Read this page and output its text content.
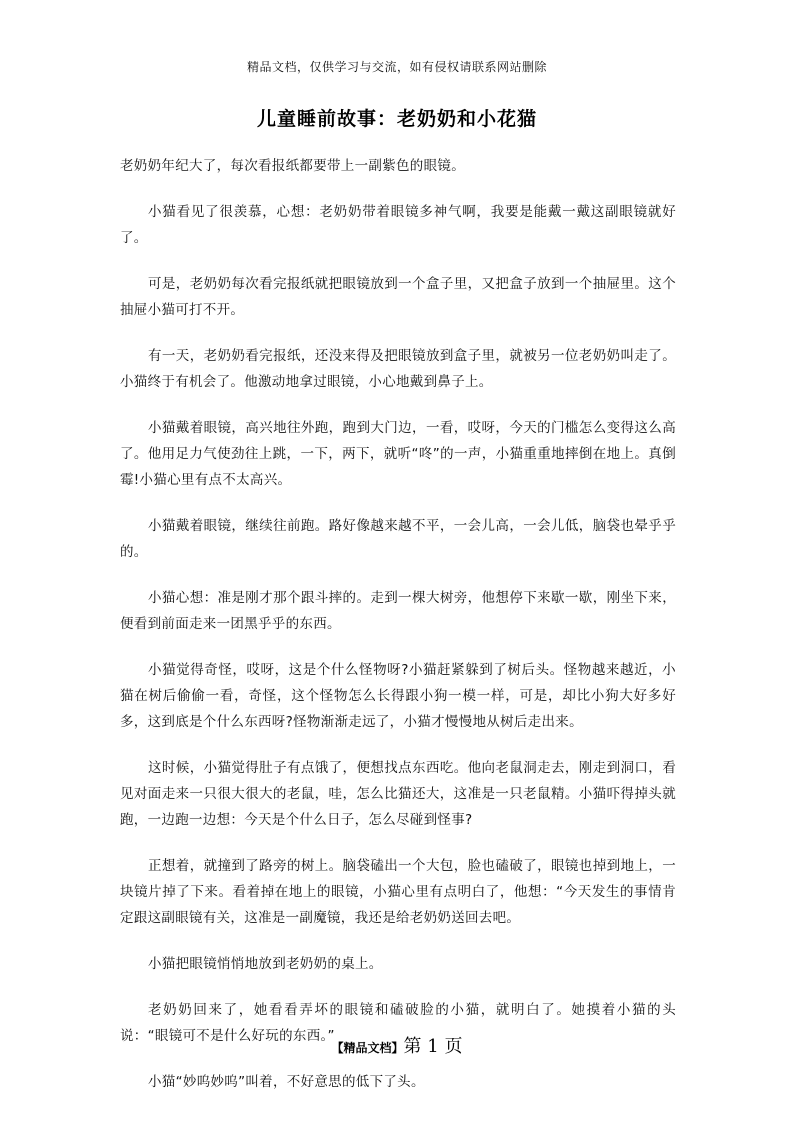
精品文档，仅供学习与交流，如有侵权请联系网站删除
儿童睡前故事：老奶奶和小花猫

老奶奶年纪大了，每次看报纸都要带上一副紫色的眼镜。

小猫看见了很羡慕，心想：老奶奶带着眼镜多神气啊，我要是能戴一戴这副眼镜就好了。

可是，老奶奶每次看完报纸就把眼镜放到一个盒子里，又把盒子放到一个抽屉里。这个抽屉小猫可打不开。

有一天，老奶奶看完报纸，还没来得及把眼镜放到盒子里，就被另一位老奶奶叫走了。小猫终于有机会了。他激动地拿过眼镜，小心地戴到鼻子上。

小猫戴着眼镜，高兴地往外跑，跑到大门边，一看，哎呀，今天的门槛怎么变得这么高了。他用足力气使劲往上跳，一下，两下，就听“咚”的一声，小猫重重地摔倒在地上。真倒霉!小猫心里有点不太高兴。

小猫戴着眼镜，继续往前跑。路好像越来越不平，一会儿高，一会儿低，脑袋也晕乎乎的。

小猫心想：准是刚才那个跟斗摔的。走到一棵大树旁，他想停下来歇一歇，刚坐下来，便看到前面走来一团黑乎乎的东西。

小猫觉得奇怪，哎呀，这是个什么怪物呀?小猫赶紧躲到了树后头。怪物越来越近，小猫在树后偷偷一看，奇怪，这个怪物怎么长得跟小狗一模一样，可是，却比小狗大好多好多，这到底是个什么东西呀?怪物渐渐走远了，小猫才慢慢地从树后走出来。

这时候，小猫觉得肚子有点饿了，便想找点东西吃。他向老鼠洞走去，刚走到洞口，看见对面走来一只很大很大的老鼠，哇，怎么比猫还大，这准是一只老鼠精。小猫吓得掉头就跑，一边跑一边想：今天是个什么日子，怎么尽碰到怪事?

正想着，就撞到了路旁的树上。脑袋磕出一个大包，脸也磕破了，眼镜也掉到地上，一块镜片掉了下来。看着掉在地上的眼镜，小猫心里有点明白了，他想：“今天发生的事情肯定跟这副眼镜有关，这准是一副魔镜，我还是给老奶奶送回去吧。

小猫把眼镜悄悄地放到老奶奶的桌上。

老奶奶回来了，她看看弄坏的眼镜和磕破脸的小猫，就明白了。她摸着小猫的头说：“眼镜可不是什么好玩的东西。”

小猫“妙呜妙呜”叫着，不好意思的低下了头。

【精品文档】第 1 页
